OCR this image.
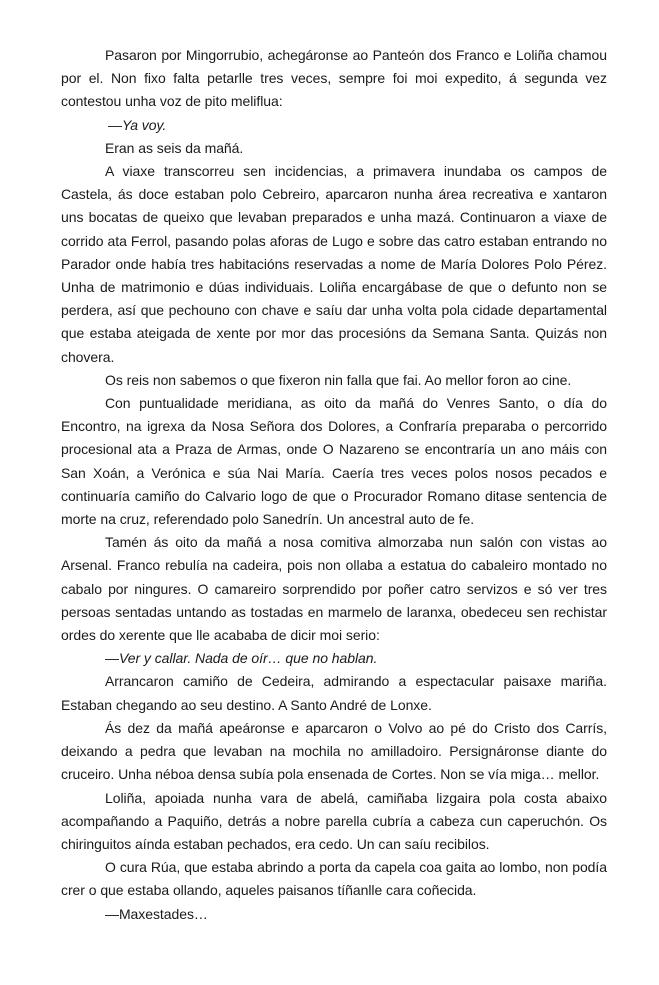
Pasaron por Mingorrubio, achegáronse ao Panteón dos Franco e Loliña chamou por el. Non fixo falta petarlle tres veces, sempre foi moi expedito, á segunda vez contestou unha voz de pito meliflua:

—Ya voy.

Eran as seis da mañá.

A viaxe transcorreu sen incidencias, a primavera inundaba os campos de Castela, ás doce estaban polo Cebreiro, aparcaron nunha área recreativa e xantaron uns bocatas de queixo que levaban preparados e unha mazá. Continuaron a viaxe de corrido ata Ferrol, pasando polas aforas de Lugo e sobre das catro estaban entrando no Parador onde había tres habitacións reservadas a nome de María Dolores Polo Pérez. Unha de matrimonio e dúas individuais. Loliña encargábase de que o defunto non se perdera, así que pechouno con chave e saíu dar unha volta pola cidade departamental que estaba ateigada de xente por mor das procesións da Semana Santa. Quizás non chovera.

Os reis non sabemos o que fixeron nin falla que fai. Ao mellor foron ao cine.

Con puntualidade meridiana, as oito da mañá do Venres Santo, o día do Encontro, na igrexa da Nosa Señora dos Dolores, a Confraría preparaba o percorrido procesional ata a Praza de Armas, onde O Nazareno se encontraría un ano máis con San Xoán, a Verónica e súa Nai María. Caería tres veces polos nosos pecados e continuaría camiño do Calvario logo de que o Procurador Romano ditase sentencia de morte na cruz, referendado polo Sanedrín. Un ancestral auto de fe.

Tamén ás oito da mañá a nosa comitiva almorzaba nun salón con vistas ao Arsenal. Franco rebulía na cadeira, pois non ollaba a estatua do cabaleiro montado no cabalo por ningures. O camareiro sorprendido por poñer catro servizos e só ver tres persoas sentadas untando as tostadas en marmelo de laranxa, obedeceu sen rechistar ordes do xerente que lle acababa de dicir moi serio:

—Ver y callar. Nada de oír… que no hablan.

Arrancaron camiño de Cedeira, admirando a espectacular paisaxe mariña. Estaban chegando ao seu destino. A Santo André de Lonxe.

Ás dez da mañá apeáronse e aparcaron o Volvo ao pé do Cristo dos Carrís, deixando a pedra que levaban na mochila no amilladoiro. Persignáronse diante do cruceiro. Unha néboa densa subía pola ensenada de Cortes. Non se vía miga… mellor.

Loliña, apoiada nunha vara de abelá, camiñaba lizgaira pola costa abaixo acompañando a Paquiño, detrás a nobre parella cubría a cabeza cun caperuchón. Os chiringuitos aínda estaban pechados, era cedo. Un can saíu recibilos.

O cura Rúa, que estaba abrindo a porta da capela coa gaita ao lombo, non podía crer o que estaba ollando, aqueles paisanos tíñanlle cara coñecida.

—Maxestades…
